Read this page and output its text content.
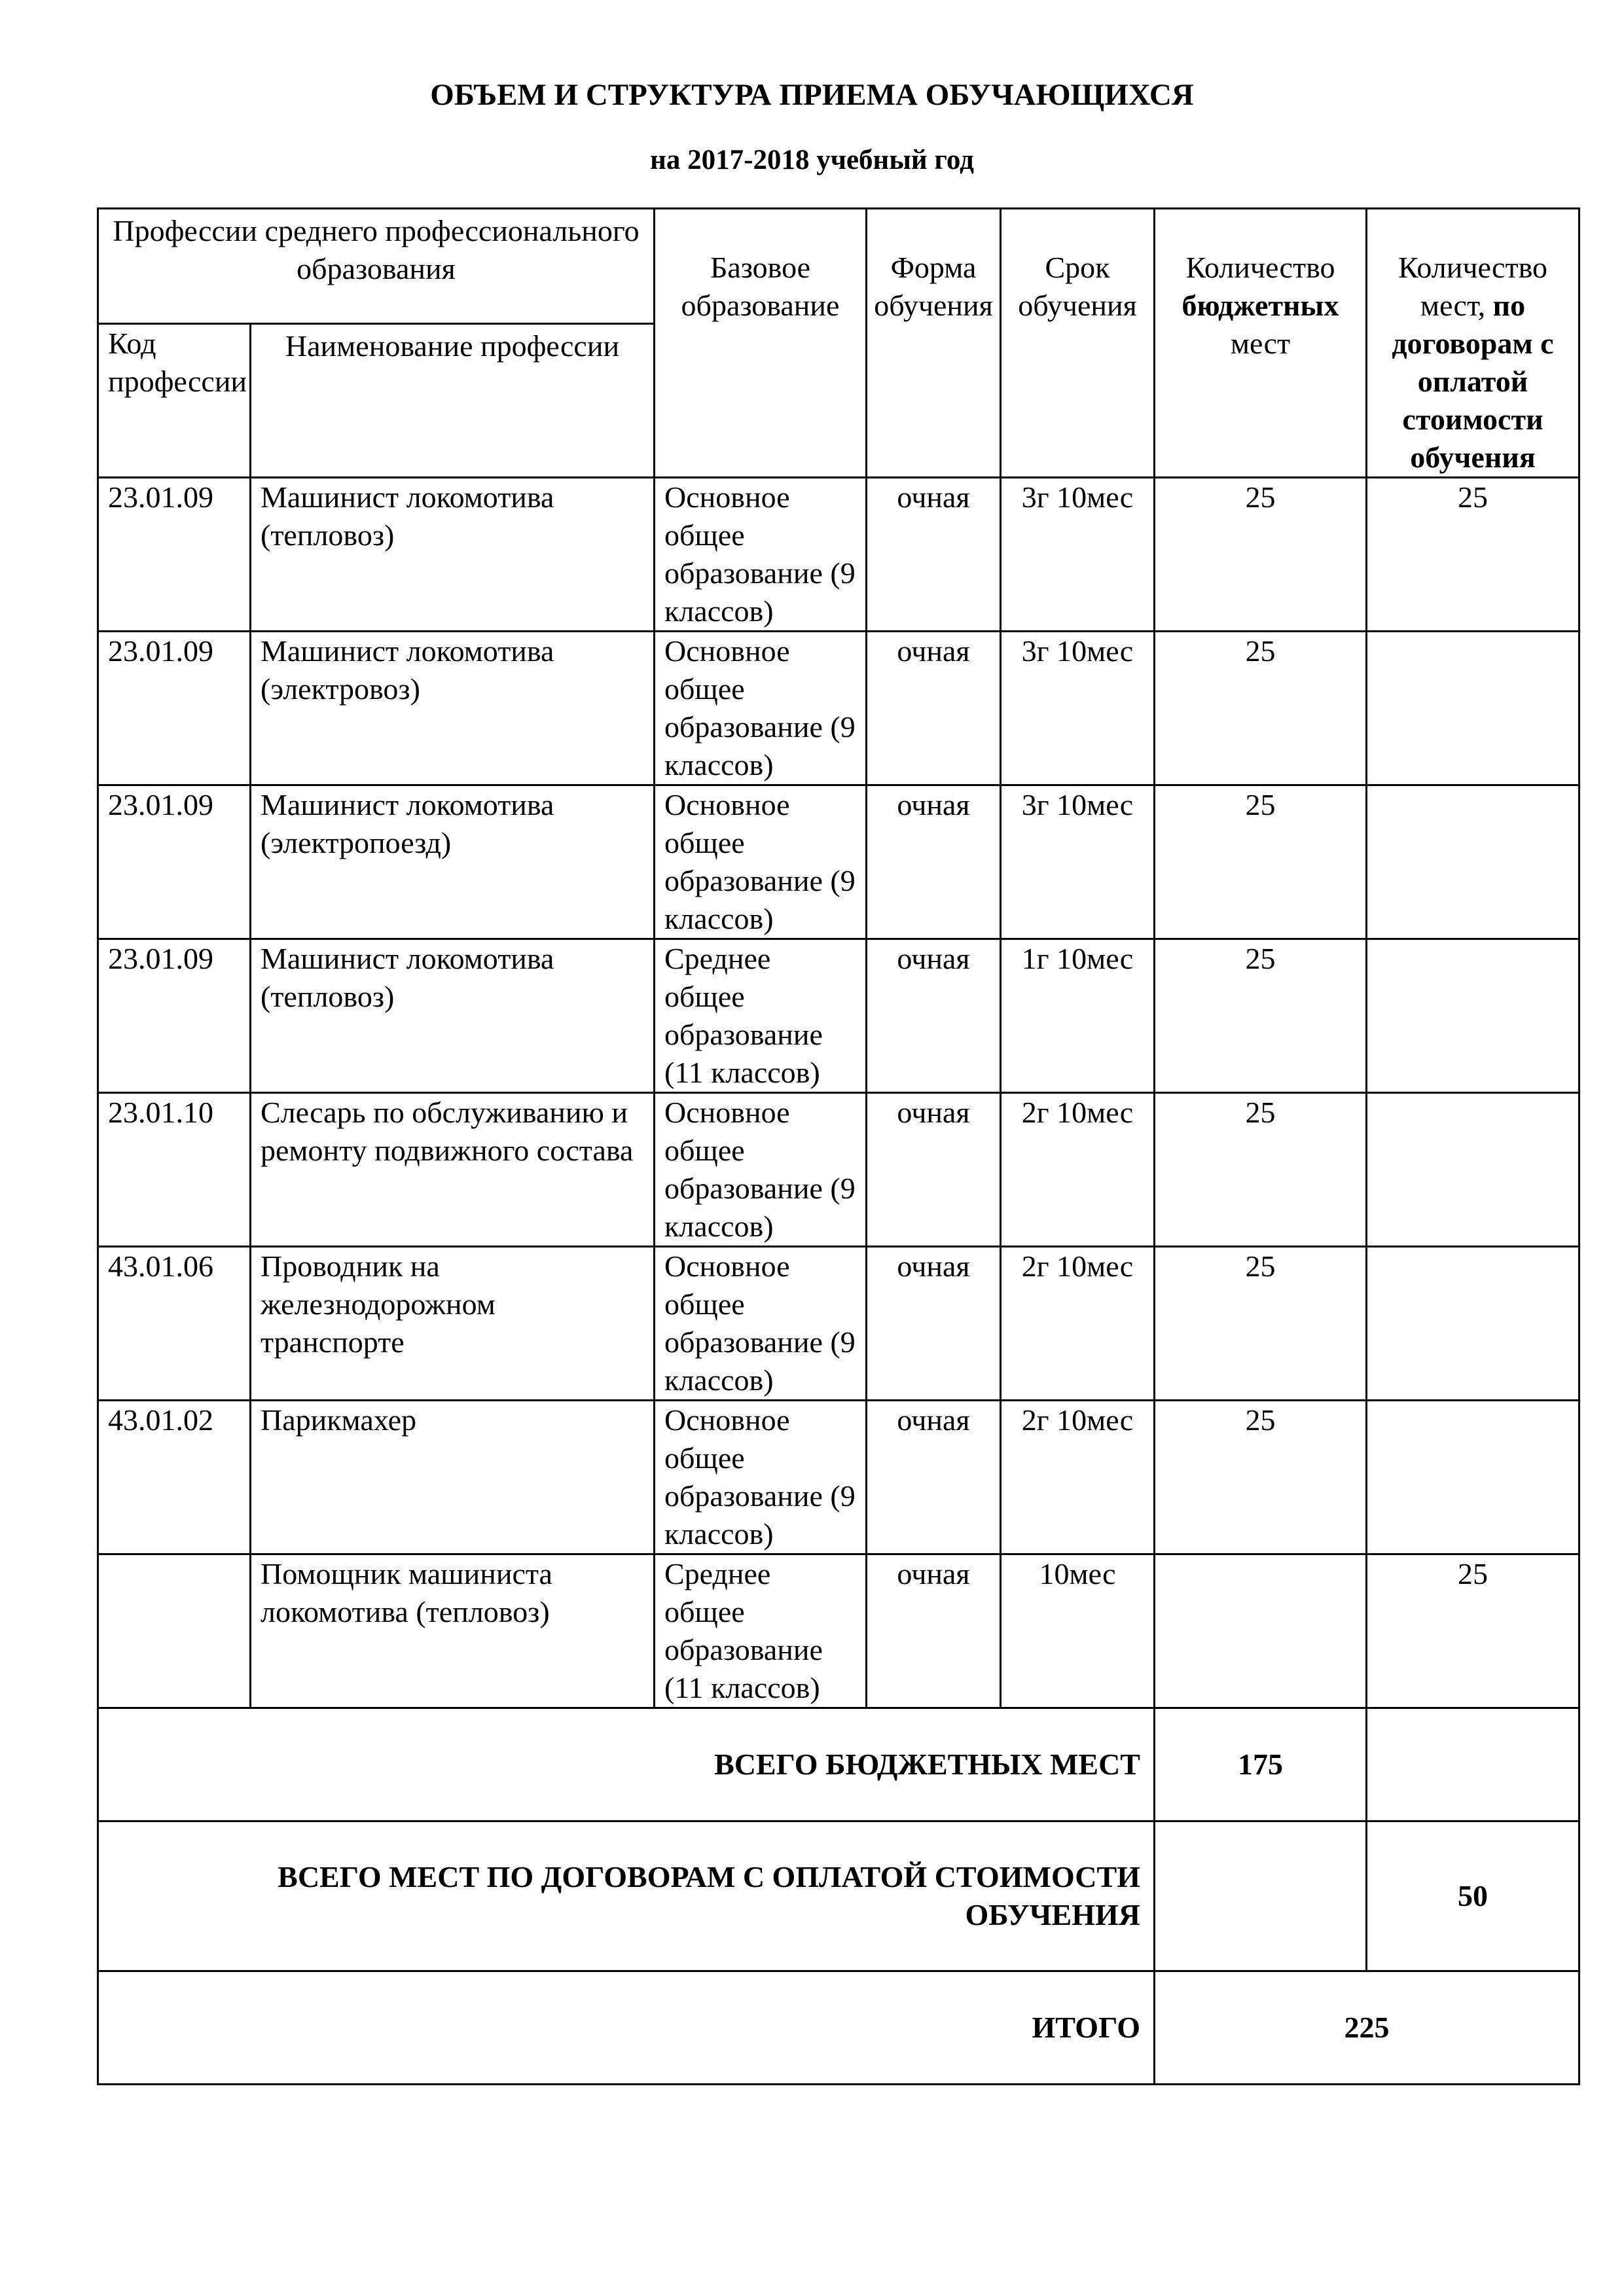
ОБЪЕМ И СТРУКТУРА ПРИЕМА ОБУЧАЮЩИХСЯ
на 2017-2018 учебный год
Профессии среднего профессионального образования		Базовое образование	Форма обучения	Срок обучения	Количество
бюджетных
мест	Количество мест, по договорам с оплатой стоимости обучения
Код профессии	Наименование профессии					
23.01.09	Машинист локомотива (тепловоз)	Основное общее образование (9 классов)	очная	3г 10мес	25	25
23.01.09	Машинист локомотива (электровоз)	Основное общее образование (9 классов)	очная	3г 10мес	25	
23.01.09	Машинист локомотива (электропоезд)	Основное общее образование (9 классов)	очная	3г 10мес	25	
23.01.09	Машинист локомотива (тепловоз)	Среднее общее образование (11 классов)	очная	1г 10мес	25	
23.01.10	Слесарь по обслуживанию и ремонту подвижного состава	Основное общее образование (9 классов)	очная	2г 10мес	25	
43.01.06	Проводник на железнодорожном транспорте	Основное общее образование (9 классов)	очная	2г 10мес	25	
43.01.02	Парикмахер	Основное общее образование (9 классов)	очная	2г 10мес	25	
	Помощник машиниста локомотива (тепловоз)	Среднее общее образование (11 классов)	очная	10мес		25
ВСЕГО БЮДЖЕТНЫХ МЕСТ					175	
ВСЕГО МЕСТ ПО ДОГОВОРАМ С ОПЛАТОЙ СТОИМОСТИ ОБУЧЕНИЯ						50
ИТОГО					225	
